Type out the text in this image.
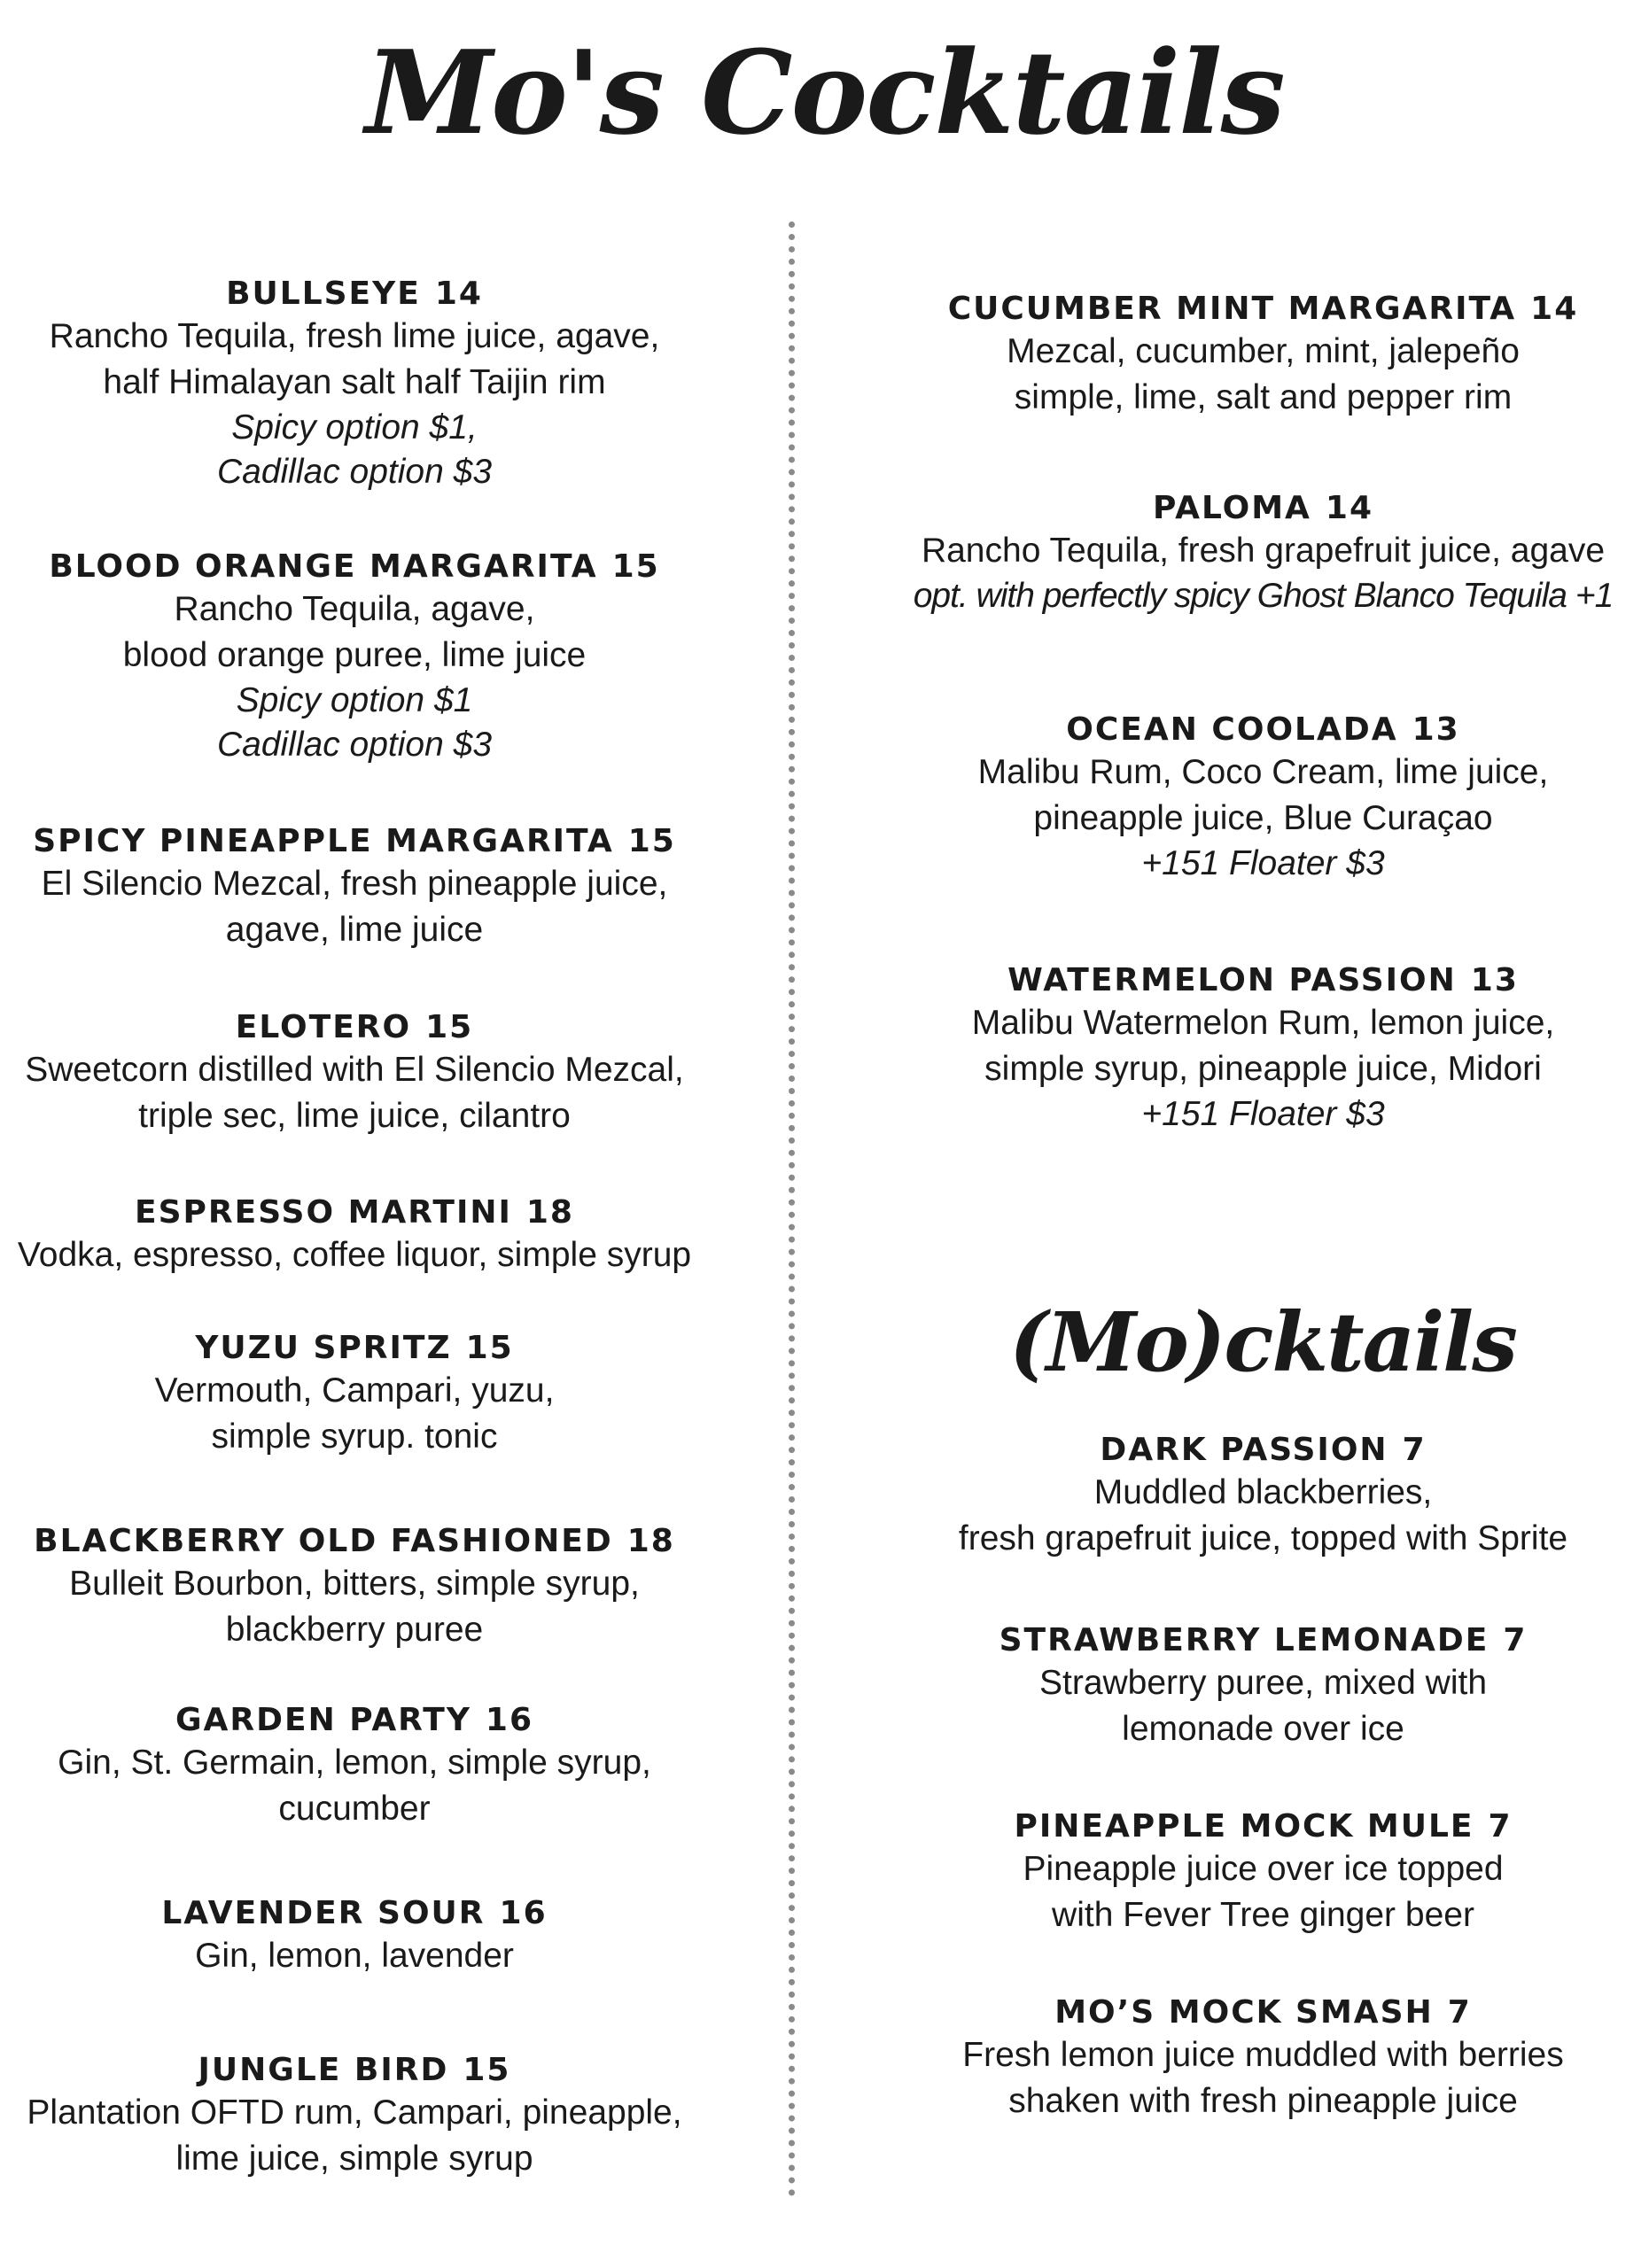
Mo's Cocktails
BULLSEYE 14
Rancho Tequila, fresh lime juice, agave,
half Himalayan salt half Taijin rim
Spicy option $1,
Cadillac option $3
BLOOD ORANGE MARGARITA 15
Rancho Tequila, agave,
blood orange puree, lime juice
Spicy option $1
Cadillac option $3
SPICY PINEAPPLE MARGARITA 15
El Silencio Mezcal, fresh pineapple juice,
agave, lime juice
ELOTERO 15
Sweetcorn distilled with El Silencio Mezcal,
triple sec, lime juice, cilantro
ESPRESSO MARTINI 18
Vodka, espresso, coffee liquor, simple syrup
YUZU SPRITZ 15
Vermouth, Campari, yuzu,
simple syrup. tonic
BLACKBERRY OLD FASHIONED 18
Bulleit Bourbon, bitters, simple syrup,
blackberry puree
GARDEN PARTY 16
Gin, St. Germain, lemon, simple syrup,
cucumber
LAVENDER SOUR 16
Gin, lemon, lavender
JUNGLE BIRD 15
Plantation OFTD rum, Campari, pineapple,
lime juice, simple syrup
CUCUMBER MINT MARGARITA 14
Mezcal, cucumber, mint, jalepeño
simple, lime, salt and pepper rim
PALOMA 14
Rancho Tequila, fresh grapefruit juice, agave
opt. with perfectly spicy Ghost Blanco Tequila +1
OCEAN COOLADA 13
Malibu Rum, Coco Cream, lime juice,
pineapple juice, Blue Curaçao
+151 Floater $3
WATERMELON PASSION 13
Malibu Watermelon Rum, lemon juice,
simple syrup, pineapple juice, Midori
+151 Floater $3
(Mo)cktails
DARK PASSION 7
Muddled blackberries,
fresh grapefruit juice, topped with Sprite
STRAWBERRY LEMONADE 7
Strawberry puree, mixed with
lemonade over ice
PINEAPPLE MOCK MULE 7
Pineapple juice over ice topped
with Fever Tree ginger beer
MO’S MOCK SMASH 7
Fresh lemon juice muddled with berries
shaken with fresh pineapple juice
